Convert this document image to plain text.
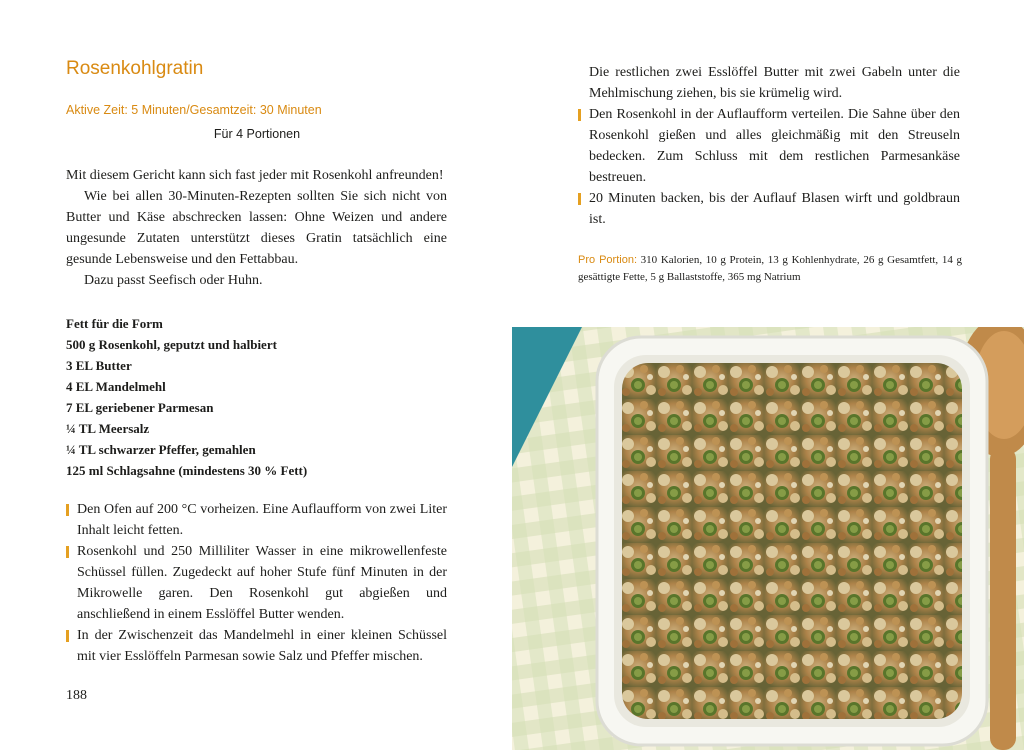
Rosenkohlgratin
Aktive Zeit: 5 Minuten/Gesamtzeit: 30 Minuten
Für 4 Portionen

Mit diesem Gericht kann sich fast jeder mit Rosenkohl anfreunden!

Wie bei allen 30-Minuten-Rezepten sollten Sie sich nicht von Butter und Käse abschrecken lassen: Ohne Weizen und andere ungesunde Zutaten unterstützt dieses Gratin tatsächlich eine gesunde Lebensweise und den Fettabbau.

Dazu passt Seefisch oder Huhn.

Fett für die Form
500 g Rosenkohl, geputzt und halbiert
3 EL Butter
4 EL Mandelmehl
7 EL geriebener Parmesan
¼ TL Meersalz
¼ TL schwarzer Pfeffer, gemahlen
125 ml Schlagsahne (mindestens 30 % Fett)
Den Ofen auf 200 °C vorheizen. Eine Auflaufform von zwei Liter Inhalt leicht fetten.
Rosenkohl und 250 Milliliter Wasser in eine mikrowellenfeste Schüssel füllen. Zugedeckt auf hoher Stufe fünf Minuten in der Mikrowelle garen. Den Rosenkohl gut abgießen und anschließend in einem Esslöffel Butter wenden.
In der Zwischenzeit das Mandelmehl in einer kleinen Schüssel mit vier Esslöffeln Parmesan sowie Salz und Pfeffer mischen.
188
Die restlichen zwei Esslöffel Butter mit zwei Gabeln unter die Mehlmischung ziehen, bis sie krümelig wird.
Den Rosenkohl in der Auflaufform verteilen. Die Sahne über den Rosenkohl gießen und alles gleichmäßig mit den Streuseln bedecken. Zum Schluss mit dem restlichen Parmesankäse bestreuen.
20 Minuten backen, bis der Auflauf Blasen wirft und goldbraun ist.
Pro Portion: 310 Kalorien, 10 g Protein, 13 g Kohlenhydrate, 26 g Gesamtfett, 14 g gesättigte Fette, 5 g Ballaststoffe, 365 mg Natrium
